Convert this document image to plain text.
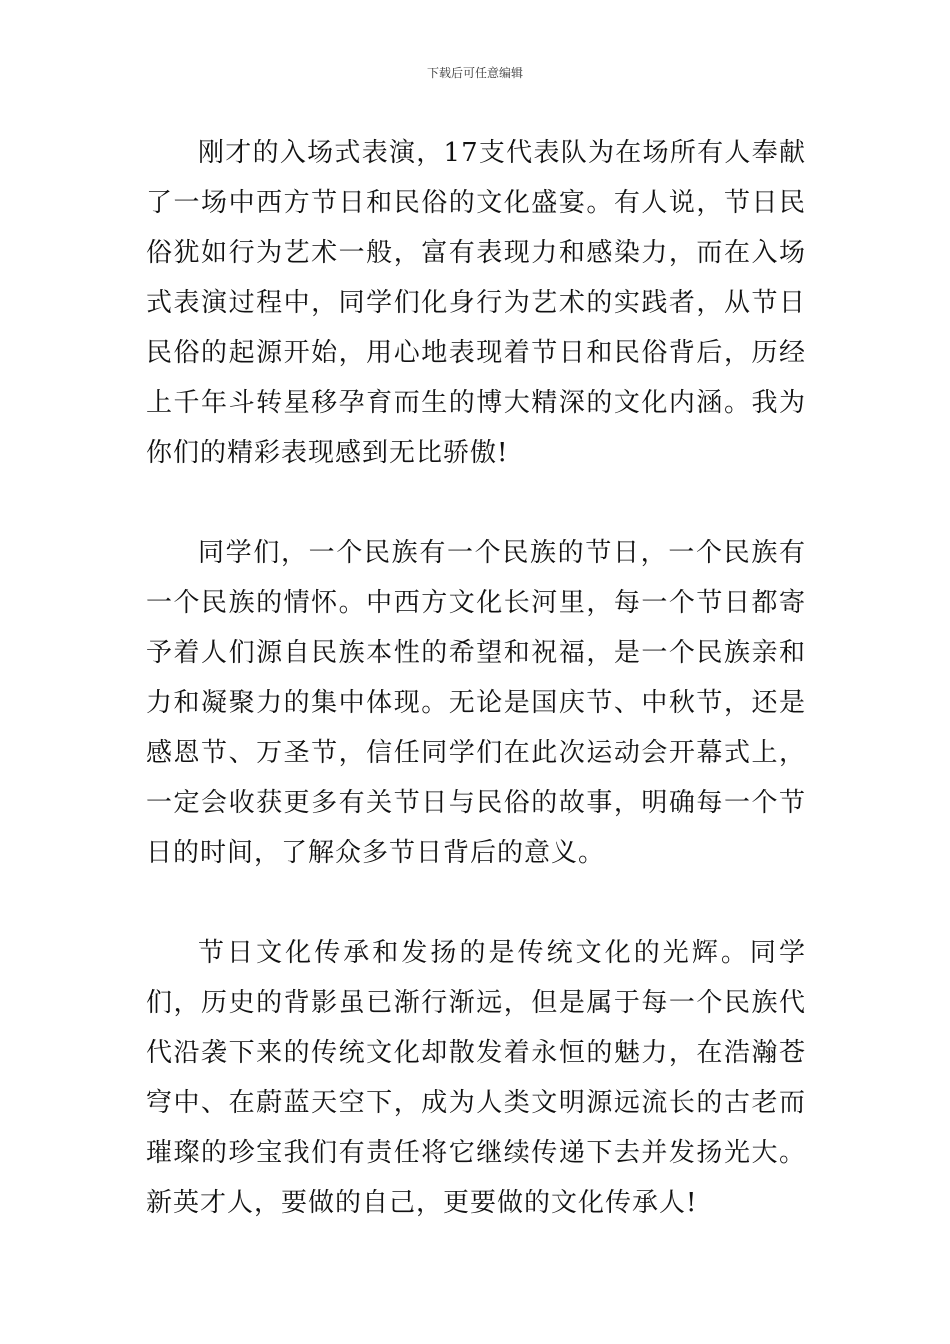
下载后可任意编辑

刚才的入场式表演，17支代表队为在场所有人奉献了一场中西方节日和民俗的文化盛宴。有人说，节日民俗犹如行为艺术一般，富有表现力和感染力，而在入场式表演过程中，同学们化身行为艺术的实践者，从节日民俗的起源开始，用心地表现着节日和民俗背后，历经上千年斗转星移孕育而生的博大精深的文化内涵。我为你们的精彩表现感到无比骄傲!

同学们，一个民族有一个民族的节日，一个民族有一个民族的情怀。中西方文化长河里，每一个节日都寄予着人们源自民族本性的希望和祝福，是一个民族亲和力和凝聚力的集中体现。无论是国庆节、中秋节，还是感恩节、万圣节，信任同学们在此次运动会开幕式上，一定会收获更多有关节日与民俗的故事，明确每一个节日的时间，了解众多节日背后的意义。

节日文化传承和发扬的是传统文化的光辉。同学们，历史的背影虽已渐行渐远，但是属于每一个民族代代沿袭下来的传统文化却散发着永恒的魅力，在浩瀚苍穹中、在蔚蓝天空下，成为人类文明源远流长的古老而璀璨的珍宝我们有责任将它继续传递下去并发扬光大。新英才人，要做的自己，更要做的文化传承人!
